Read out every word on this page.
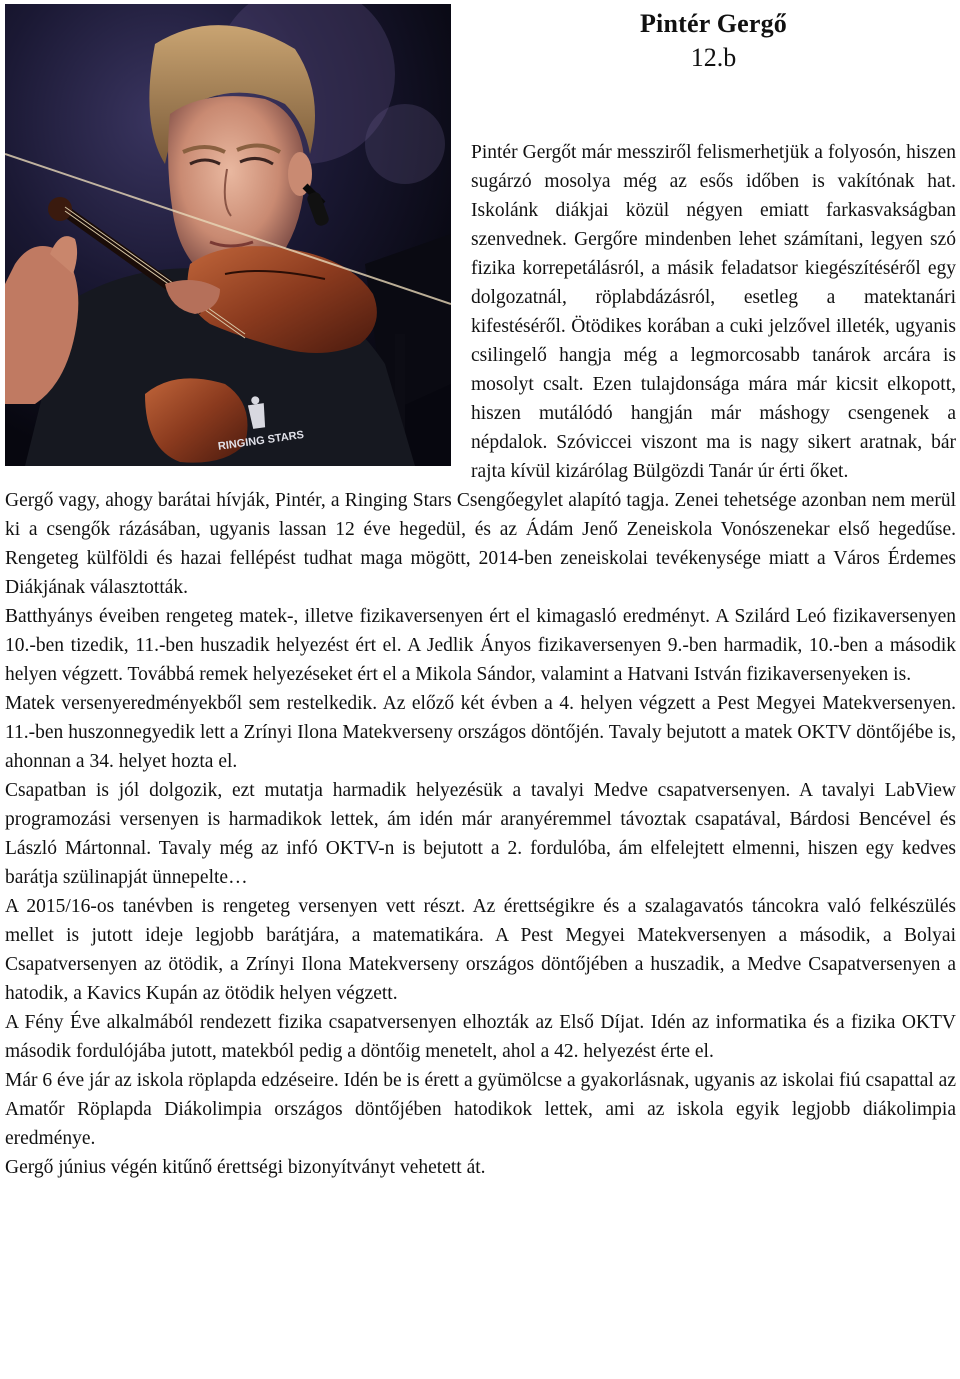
RINGING STARS
Pintér Gergő
12.b

Pintér Gergőt már messziről felismerhetjük a folyosón, hiszen sugárzó mosolya még az esős időben is vakítónak hat. Iskolánk diákjai közül négyen emiatt farkasvakságban szenvednek. Gergőre mindenben lehet számítani, legyen szó fizika korrepetálásról, a másik feladatsor kiegészítéséről egy dolgozatnál, röplabdázásról, esetleg a matektanári kifestéséről. Ötödikes korában a cuki jelzővel illeték, ugyanis csilingelő hangja még a legmorcosabb tanárok arcára is mosolyt csalt. Ezen tulajdonsága mára már kicsit elkopott, hiszen mutálódó hangján már máshogy csengenek a népdalok. Szóviccei viszont ma is nagy sikert aratnak, bár rajta kívül kizárólag Bülgözdi Tanár úr érti őket.

Gergő vagy, ahogy barátai hívják, Pintér, a Ringing Stars Csengőegylet alapító tagja. Zenei tehetsége azonban nem merül ki a csengők rázásában, ugyanis lassan 12 éve hegedül, és az Ádám Jenő Zeneiskola Vonószenekar első hegedűse. Rengeteg külföldi és hazai fellépést tudhat maga mögött, 2014-ben zeneiskolai tevékenysége miatt a Város Érdemes Diákjának választották.

Batthyánys éveiben rengeteg matek-, illetve fizikaversenyen ért el kimagasló eredményt. A Szilárd Leó fizikaversenyen 10.-ben tizedik, 11.-ben huszadik helyezést ért el. A Jedlik Ányos fizikaversenyen 9.-ben harmadik, 10.-ben a második helyen végzett. Továbbá remek helyezéseket ért el a Mikola Sándor, valamint a Hatvani István fizikaversenyeken is.

Matek versenyeredményekből sem restelkedik. Az előző két évben a 4. helyen végzett a Pest Megyei Matekversenyen. 11.-ben huszonnegyedik lett a Zrínyi Ilona Matekverseny országos döntőjén. Tavaly bejutott a matek OKTV döntőjébe is, ahonnan a 34. helyet hozta el.

Csapatban is jól dolgozik, ezt mutatja harmadik helyezésük a tavalyi Medve csapatversenyen. A tavalyi LabView programozási versenyen is harmadikok lettek, ám idén már aranyéremmel távoztak csapatával, Bárdosi Bencével és László Mártonnal. Tavaly még az infó OKTV-n is bejutott a 2. fordulóba, ám elfelejtett elmenni, hiszen egy kedves barátja szülinapját ünnepelte…

A 2015/16-os tanévben is rengeteg versenyen vett részt. Az érettségikre és a szalagavatós táncokra való felkészülés mellet is jutott ideje legjobb barátjára, a matematikára. A Pest Megyei Matekversenyen a második, a Bolyai Csapatversenyen az ötödik, a Zrínyi Ilona Matekverseny országos döntőjében a huszadik, a Medve Csapatversenyen a hatodik, a Kavics Kupán az ötödik helyen végzett.

A Fény Éve alkalmából rendezett fizika csapatversenyen elhozták az Első Díjat. Idén az informatika és a fizika OKTV második fordulójába jutott, matekból pedig a döntőig menetelt, ahol a 42. helyezést érte el.

Már 6 éve jár az iskola röplapda edzéseire. Idén be is érett a gyümölcse a gyakorlásnak, ugyanis az iskolai fiú csapattal az Amatőr Röplapda Diákolimpia országos döntőjében hatodikok lettek, ami az iskola egyik legjobb diákolimpia eredménye.

Gergő június végén kitűnő érettségi bizonyítványt vehetett át.
